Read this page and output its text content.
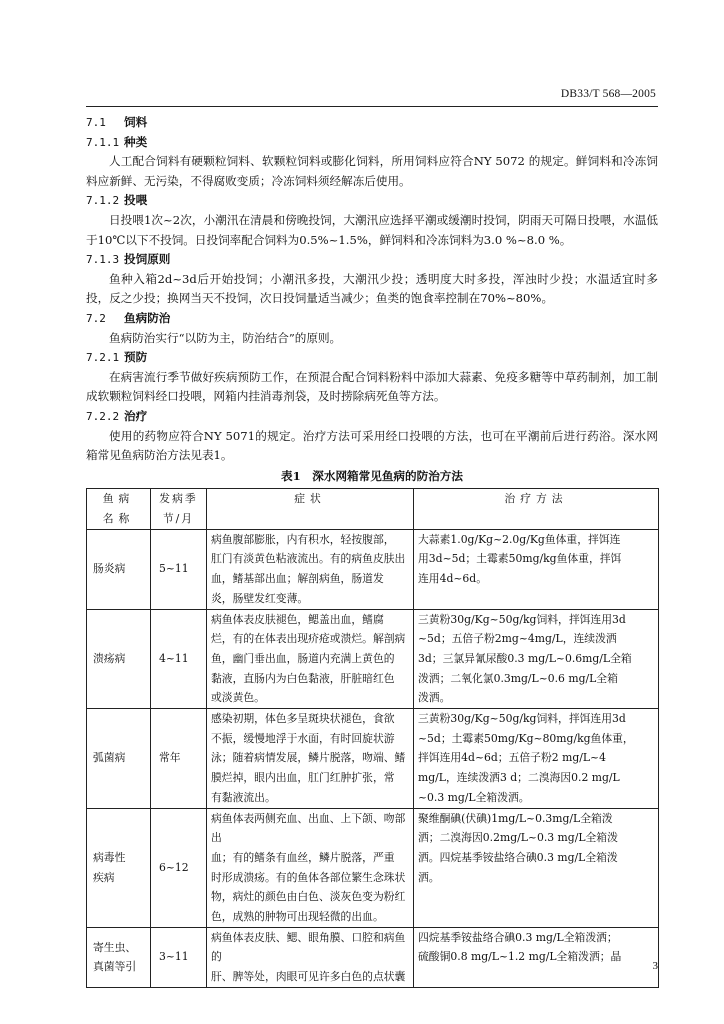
DB33/T 568—2005

7.1 饲料

7.1.1 种类

人工配合饲料有硬颗粒饲料、软颗粒饲料或膨化饲料，所用饲料应符合NY 5072 的规定。鲜饲料和冷冻饲料应新鲜、无污染，不得腐败变质；冷冻饲料须经解冻后使用。

7.1.2 投喂

日投喂1次~2次，小潮汛在清晨和傍晚投饲，大潮汛应选择平潮或缓潮时投饲，阴雨天可隔日投喂，水温低于10℃以下不投饲。日投饲率配合饲料为0.5%~1.5%，鲜饲料和冷冻饲料为3.0 %~8.0 %。

7.1.3 投饲原则

鱼种入箱2d~3d后开始投饲；小潮汛多投，大潮汛少投；透明度大时多投，浑浊时少投；水温适宜时多投，反之少投；换网当天不投饲，次日投饲量适当减少；鱼类的饱食率控制在70%~80%。

7.2 鱼病防治

鱼病防治实行“以防为主，防治结合”的原则。

7.2.1 预防

在病害流行季节做好疾病预防工作，在预混合配合饲料粉料中添加大蒜素、免疫多糖等中草药制剂，加工制成软颗粒饲料经口投喂，网箱内挂消毒剂袋，及时捞除病死鱼等方法。

7.2.2 治疗

使用的药物应符合NY 5071的规定。治疗方法可采用经口投喂的方法，也可在平潮前后进行药浴。深水网箱常见鱼病防治方法见表1。

表1　深水网箱常见鱼病的防治方法
鱼病
名称	发病季
节/月	症状	治疗方法

肠炎病	5~11	病鱼腹部膨胀，内有积水，轻按腹部，
肛门有淡黄色粘液流出。有的病鱼皮肤出
血，鳍基部出血；解剖病鱼，肠道发
炎，肠壁发红变薄。	大蒜素1.0g/Kg~2.0g/Kg鱼体重，拌饵连
用3d~5d；土霉素50mg/kg鱼体重，拌饵
连用4d~6d。

溃疡病	4~11	病鱼体表皮肤褪色，鳃盖出血，鳍腐
烂，有的在体表出现疥疮或溃烂。解剖病
鱼，幽门垂出血，肠道内充满上黄色的
黏液，直肠内为白色黏液，肝脏暗红色
或淡黄色。	三黄粉30g/Kg~50g/kg饲料，拌饵连用3d
~5d；五倍子粉2mg~4mg/L，连续泼洒
3d；三氯异氰尿酸0.3 mg/L~0.6mg/L全箱
泼洒；二氧化氯0.3mg/L~0.6 mg/L全箱
泼洒。

弧菌病	常年	感染初期，体色多呈斑块状褪色，食欲
不振，缓慢地浮于水面，有时回旋状游
泳；随着病情发展，鳞片脱落，吻端、鳍
膜烂掉，眼内出血，肛门红肿扩张，常
有黏液流出。	三黄粉30g/Kg~50g/kg饲料，拌饵连用3d
~5d；土霉素50mg/Kg~80mg/kg鱼体重，
拌饵连用4d~6d；五倍子粉2 mg/L~4
mg/L，连续泼洒3 d；二溴海因0.2 mg/L
~0.3 mg/L全箱泼洒。

病毒性
疾病	6~12	病鱼体表两侧充血、出血、上下颌、吻部出
血；有的鳍条有血丝，鳞片脱落，严重
时形成溃疡。有的鱼体各部位繁生念珠状
物，病灶的颜色由白色、淡灰色变为粉红
色，成熟的肿物可出现轻微的出血。	聚维酮碘(伏碘)1mg/L~0.3mg/L全箱泼
洒；二溴海因0.2mg/L~0.3 mg/L全箱泼
洒。四烷基季铵盐络合碘0.3 mg/L全箱泼
洒。

寄生虫、
真菌等引	3~11	病鱼体表皮肤、鳃、眼角膜、口腔和病鱼的
肝、脾等处，肉眼可见许多白色的点状囊	四烷基季铵盐络合碘0.3 mg/L全箱泼洒；
硫酸铜0.8 mg/L~1.2 mg/L全箱泼洒；晶
3
